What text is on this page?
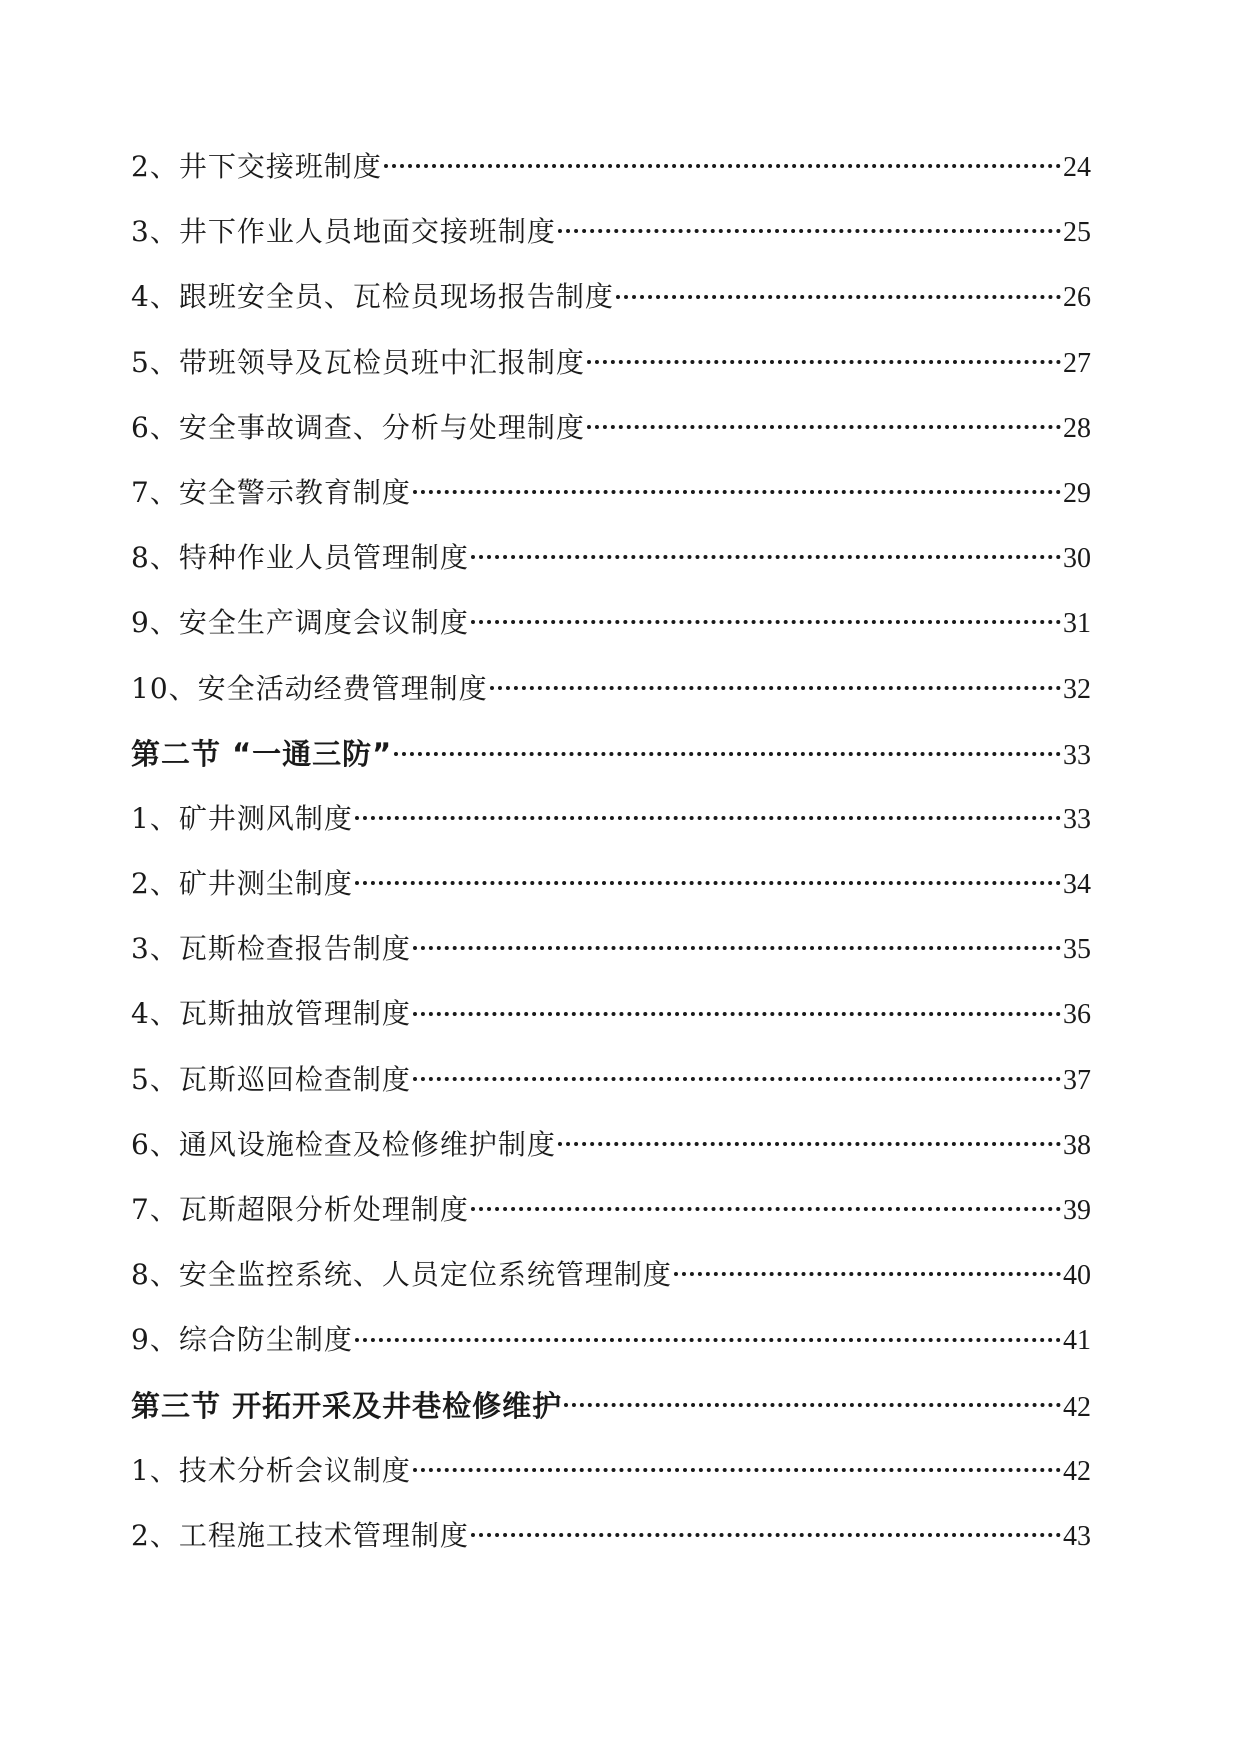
2、井下交接班制度	24
3、井下作业人员地面交接班制度	25
4、跟班安全员、瓦检员现场报告制度	26
5、带班领导及瓦检员班中汇报制度	27
6、安全事故调查、分析与处理制度	28
7、安全警示教育制度	29
8、特种作业人员管理制度	30
9、安全生产调度会议制度	31
10、安全活动经费管理制度	32
第二节 “一通三防”	33
1、矿井测风制度	33
2、矿井测尘制度	34
3、瓦斯检查报告制度	35
4、瓦斯抽放管理制度	36
5、瓦斯巡回检查制度	37
6、通风设施检查及检修维护制度	38
7、瓦斯超限分析处理制度	39
8、安全监控系统、人员定位系统管理制度	40
9、综合防尘制度	41
第三节 开拓开采及井巷检修维护	42
1、技术分析会议制度	42
2、工程施工技术管理制度	43
